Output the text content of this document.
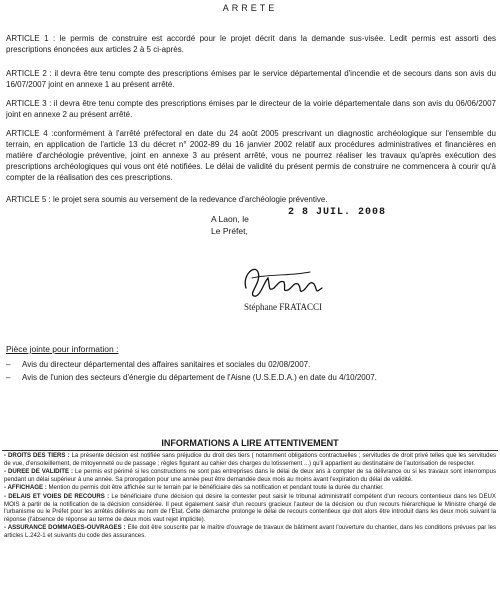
ARRETE
ARTICLE 1 : le permis de construire est accordé pour le projet décrit dans la demande sus-visée. Ledit permis est assorti des prescriptions énoncées aux articles 2 à 5 ci-après.
ARTICLE 2 : il devra être tenu compte des prescriptions émises par le service départemental d'incendie et de secours dans son avis du 16/07/2007 joint en annexe 1 au présent arrêté.
ARTICLE 3 : il devra être tenu compte des prescriptions émises par le directeur de la voirie départementale dans son avis du 06/06/2007 joint en annexe 2 au présent arrêté.
ARTICLE 4 :conformément à l'arrêté préfectoral en date du 24 août 2005 prescrivant un diagnostic archéologique sur l'ensemble du terrain, en application de l'article 13 du décret n° 2002-89 du 16 janvier 2002 relatif aux procédures administratives et financières en matière d'archéologie préventive, joint en annexe 3 au présent arrêté, vous ne pourrez réaliser les travaux qu'après exécution des prescriptions archéologiques qui vous ont été notifiées. Le délai de validité du présent permis de construire ne commencera à courir qu'à compter de la réalisation des ces prescriptions.
ARTICLE 5 : le projet sera soumis au versement de la redevance d'archéologie préventive.
A Laon, le
2 8 JUIL. 2008
Le Préfet,
Stéphane FRATACCI
Pièce jointe pour information :
– Avis du directeur départemental des affaires sanitaires et sociales du 02/08/2007.
– Avis de l'union des secteurs d'énergie du département de l'Aisne (U.S.E.D.A.) en date du 4/10/2007.
INFORMATIONS A LIRE ATTENTIVEMENT
- DROITS DES TIERS : La présente décision est notifiée sans préjudice du droit des tiers ( notamment obligations contractuelles ; servitudes de droit privé telles que les servitudes de vue, d'ensoleillement, de mitoyenneté ou de passage ; règles figurant au cahier des charges du lotissement ...) qu'il appartient au destinataire de l'autorisation de respecter.
- DUREE DE VALIDITE : Le permis est périmé si les constructions ne sont pas entreprises dans le délai de deux ans à compter de sa délivrance ou si les travaux sont interrompus pendant un délai supérieur à une année. Sa prorogation pour une année peut être demandée deux mois au moins avant l'expiration du délai de validité.
- AFFICHAGE : Mention du permis doit être affichée sur le terrain par le bénéficiaire dès sa notification et pendant toute la durée du chantier.
- DELAIS ET VOIES DE RECOURS : Le bénéficiaire d'une décision qui désire la contester peut saisir le tribunal administratif compétent d'un recours contentieux dans les DEUX MOIS à partir de la notification de la décision considérée. Il peut également saisir d'un recours gracieux l'auteur de la décision ou d'un recours hiérarchique le Ministre chargé de l'urbanisme ou le Préfet pour les arrêtés délivrés au nom de l'Etat. Cette démarche prolonge le délai de recours contentieux qui doit alors être introduit dans les deux mois suivant la réponse (l'absence de réponse au terme de deux mois vaut rejet implicite).
- ASSURANCE DOMMAGES-OUVRAGES : Elle doit être souscrite par le maître d'ouvrage de travaux de bâtiment avant l'ouverture du chantier, dans les conditions prévues par les articles L.242-1 et suivants du code des assurances.
